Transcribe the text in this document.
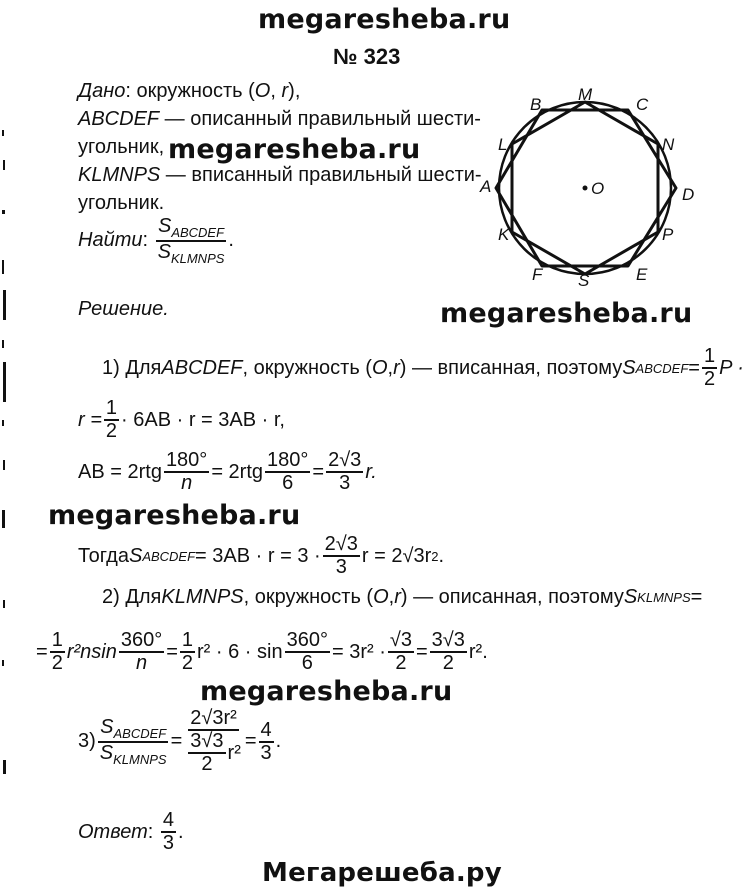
megaresheba.ru
№ 323
Дано: окружность (O, r),
ABCDEF — описанный правильный шести-
угольник,
KLMNPS — вписанный правильный шести-
угольник.
megaresheba.ru
Найти : $\frac{S_{ABCDEF}}{S_{KLMNPS}}$ .
Решение.
B
M
C
L	N
A	D
O
K	P
F S	E
megaresheba.ru
1) Для ABCDEF , окружность ( O , r ) — вписанная, поэтому S ABCDEF = $\frac{1}{2}$ P ·
$r = \frac{1}{2} \cdot 6AB \cdot r = 3AB \cdot r$,
AB = $2rtg \frac{180^\circ}{n} = 2rtg \frac{180^\circ}{6} = \frac{2√3}{3} r$.
megaresheba.ru
Тогда S ABCDEF = $3AB \cdot r = 3 \cdot \frac{2√3}{3}$ r = 2√3r 2 .
2) Для KLMNPS , окружность ( O , r ) — описанная, поэтому S KLMNPS =
= $\frac{1}{2} r^2nsin \frac{360^\circ}{n} = \frac{1}{2} r^2 \cdot 6 \cdot \sin \frac{360^\circ}{6} = 3r^2 \cdot \frac{√3}{2} = \frac{3√3}{2} r^2$.
megaresheba.ru
$3) \frac{S_{ABCDEF}}{S_{KLMNPS}} = \frac{\text{2√3r²}}{\frac{3√3}{2} r^2} = \frac{4}{3}$ .
Ответ : $\frac{4}{3}$ .
Мегарешеба.ру
